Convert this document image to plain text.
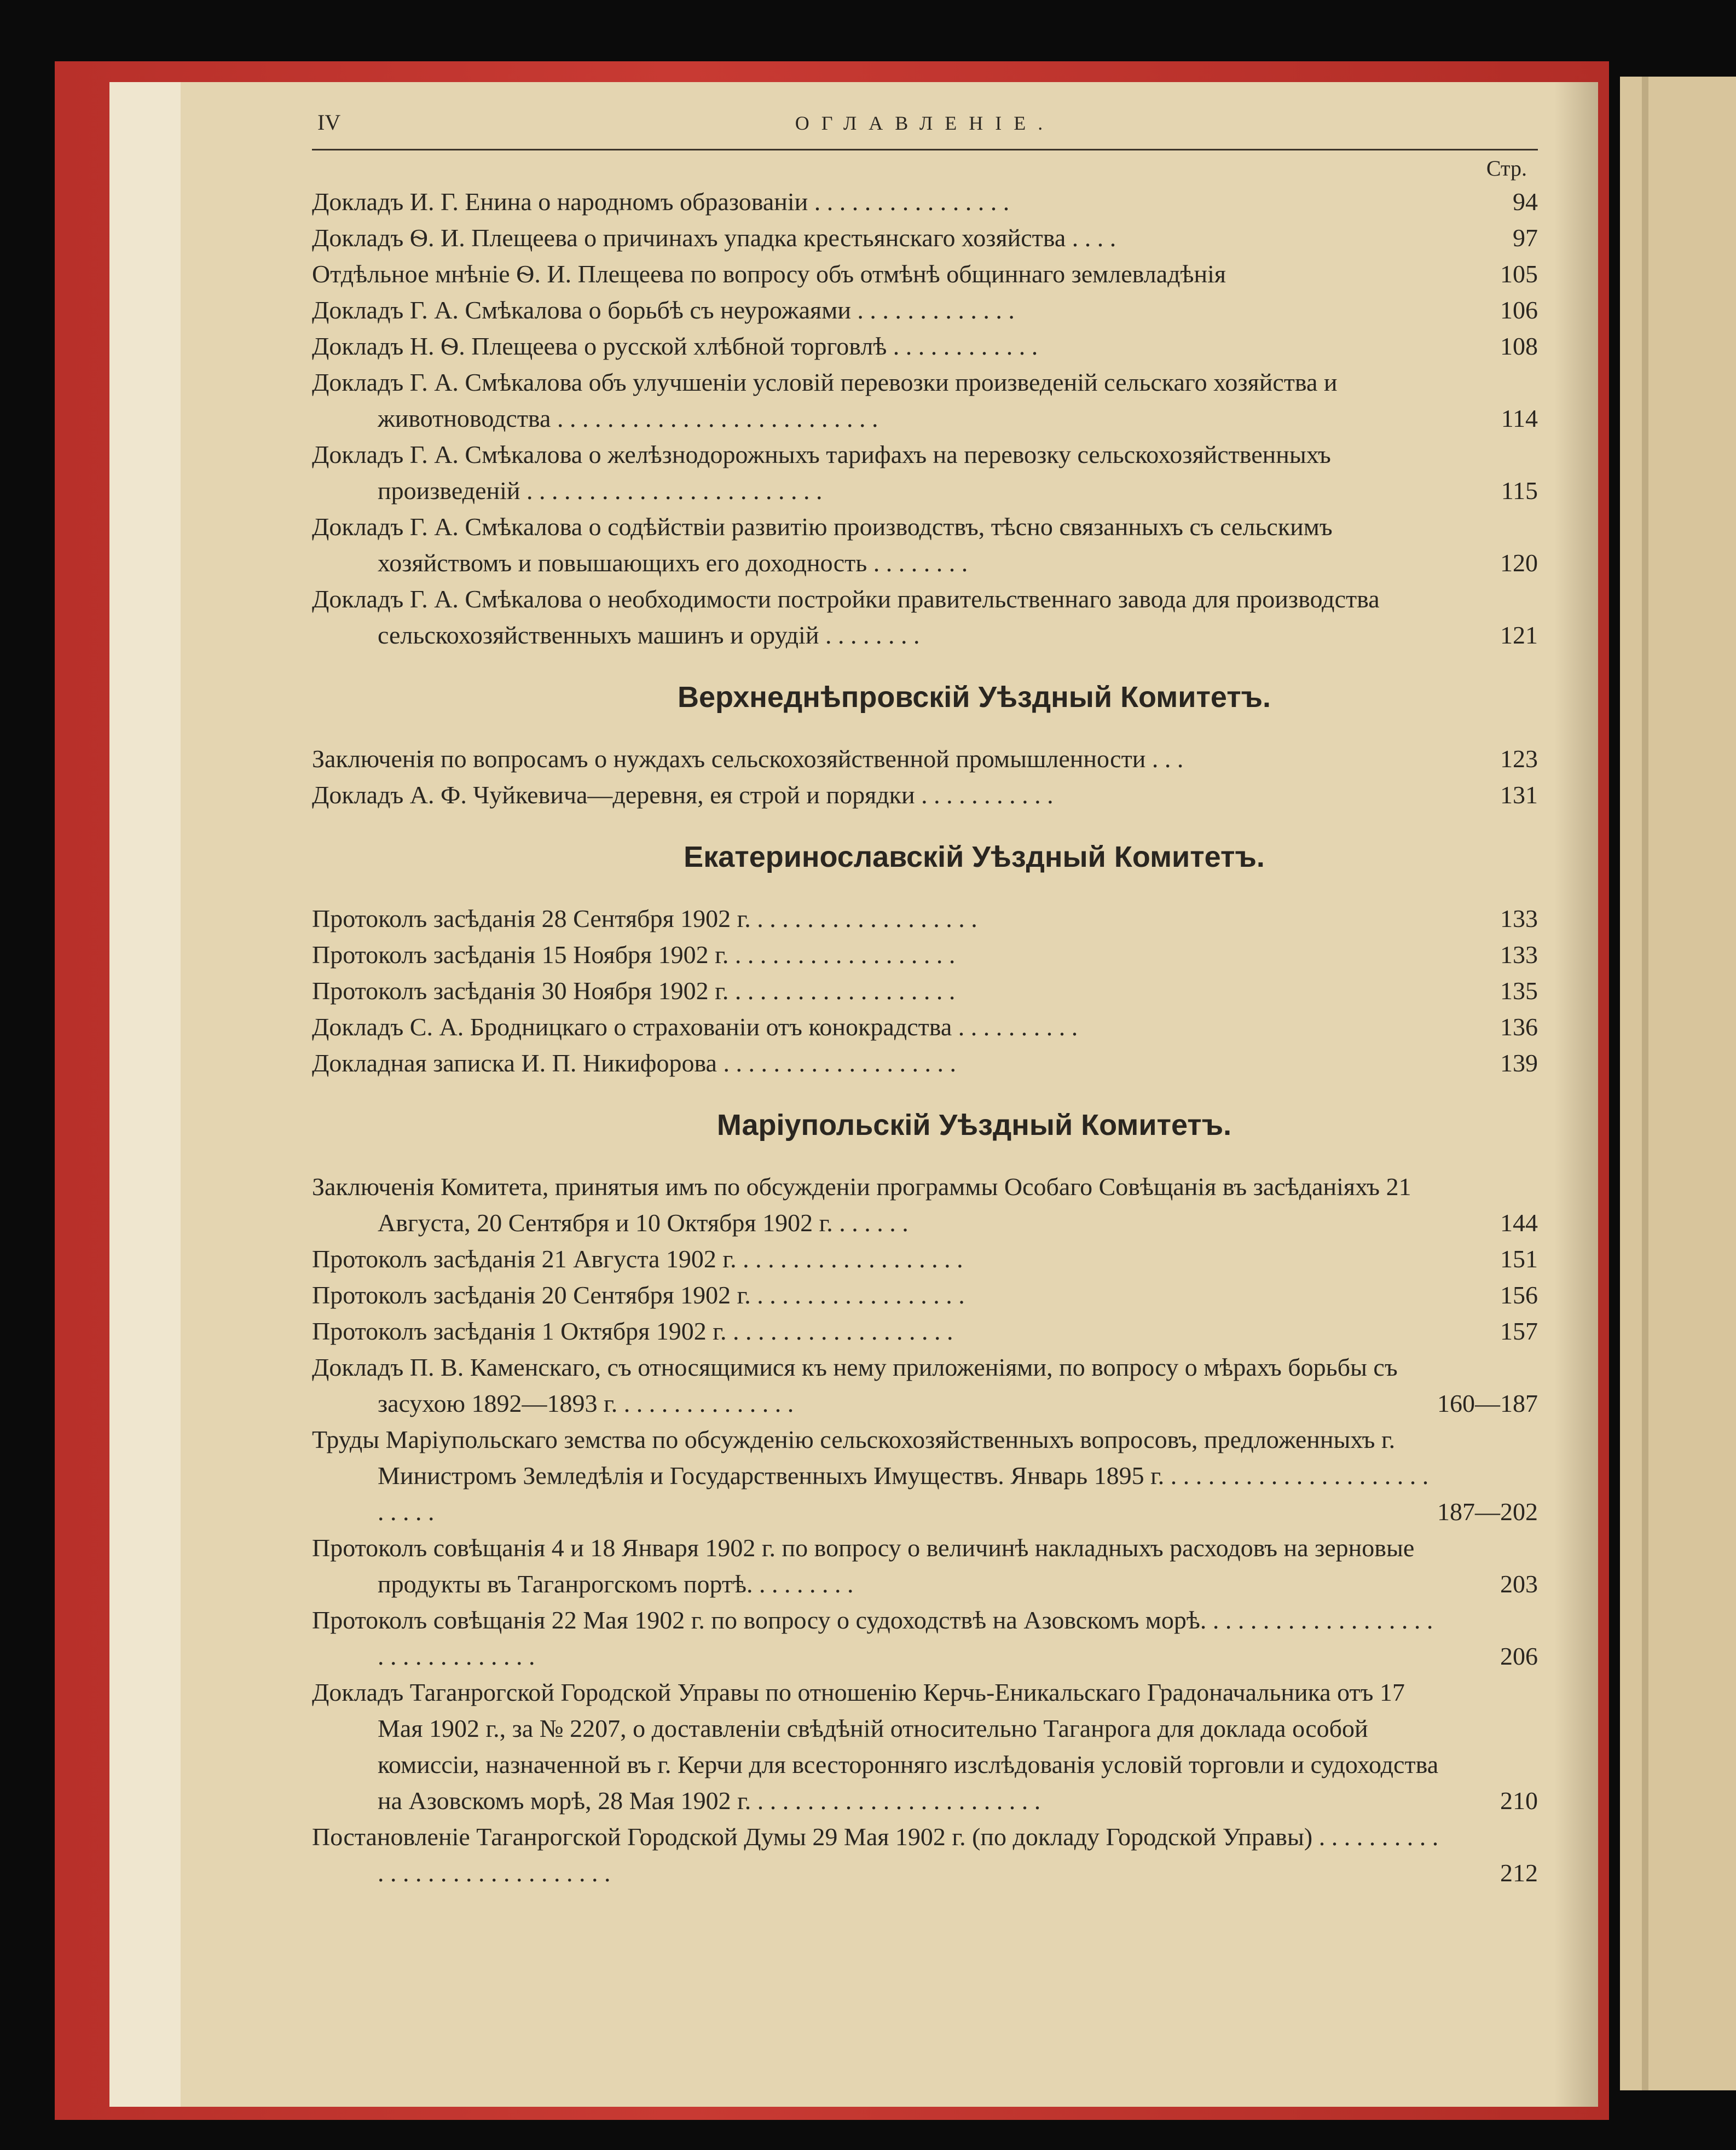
IV	ОГЛАВЛЕНІЕ.
Стр.
Докладъ И. Г. Енина о народномъ образованіи . . . . . . . . . . . . . . . .	94
Докладъ Ѳ. И. Плещеева о причинахъ упадка крестьянскаго хозяйства . . . .	97
Отдѣльное мнѣніе Ѳ. И. Плещеева по вопросу объ отмѣнѣ общиннаго землевладѣнія	105
Докладъ Г. А. Смѣкалова о борьбѣ съ неурожаями . . . . . . . . . . . . .	106
Докладъ Н. Ѳ. Плещеева о русской хлѣбной торговлѣ . . . . . . . . . . . .	108
Докладъ Г. А. Смѣкалова объ улучшеніи условій перевозки произведеній сельскаго хозяйства и животноводства . . . . . . . . . . . . . . . . . . . . . . . . . .	114
Докладъ Г. А. Смѣкалова о желѣзнодорожныхъ тарифахъ на перевозку сельскохозяйственныхъ произведеній . . . . . . . . . . . . . . . . . . . . . . . .	115
Докладъ Г. А. Смѣкалова о содѣйствіи развитію производствъ, тѣсно связанныхъ съ сельскимъ хозяйствомъ и повышающихъ его доходность . . . . . . . .	120
Докладъ Г. А. Смѣкалова о необходимости постройки правительственнаго завода для производства сельскохозяйственныхъ машинъ и орудій . . . . . . . .	121
Верхнеднѣпровскій Уѣздный Комитетъ.
Заключенія по вопросамъ о нуждахъ сельскохозяйственной промышленности . . .	123
Докладъ А. Ф. Чуйкевича—деревня, ея строй и порядки . . . . . . . . . . .	131
Екатеринославскій Уѣздный Комитетъ.
Протоколъ засѣданія 28 Сентября 1902 г. . . . . . . . . . . . . . . . . . .	133
Протоколъ засѣданія 15 Ноября 1902 г. . . . . . . . . . . . . . . . . . .	133
Протоколъ засѣданія 30 Ноября 1902 г. . . . . . . . . . . . . . . . . . .	135
Докладъ С. А. Бродницкаго о страхованіи отъ конокрадства . . . . . . . . . .	136
Докладная записка И. П. Никифорова . . . . . . . . . . . . . . . . . . .	139
Маріупольскій Уѣздный Комитетъ.
Заключенія Комитета, принятыя имъ по обсужденіи программы Особаго Совѣщанія въ засѣданіяхъ 21 Августа, 20 Сентября и 10 Октября 1902 г. . . . . . .	144
Протоколъ засѣданія 21 Августа 1902 г. . . . . . . . . . . . . . . . . . .	151
Протоколъ засѣданія 20 Сентября 1902 г. . . . . . . . . . . . . . . . . .	156
Протоколъ засѣданія 1 Октября 1902 г. . . . . . . . . . . . . . . . . . .	157
Докладъ П. В. Каменскаго, съ относящимися къ нему приложеніями, по вопросу о мѣрахъ борьбы съ засухою 1892—1893 г. . . . . . . . . . . . . . .	160—187
Труды Маріупольскаго земства по обсужденію сельскохозяйственныхъ вопросовъ, предложенныхъ г. Министромъ Земледѣлія и Государственныхъ Имуществъ. Январь 1895 г. . . . . . . . . . . . . . . . . . . . . . . . . . .	187—202
Протоколъ совѣщанія 4 и 18 Января 1902 г. по вопросу о величинѣ накладныхъ расходовъ на зерновые продукты въ Таганрогскомъ портѣ. . . . . . . . .	203
Протоколъ совѣщанія 22 Мая 1902 г. по вопросу о судоходствѣ на Азовскомъ морѣ. . . . . . . . . . . . . . . . . . . . . . . . . . . . . . . .	206
Докладъ Таганрогской Городской Управы по отношенію Керчь-Еникальскаго Градоначальника отъ 17 Мая 1902 г., за № 2207, о доставленіи свѣдѣній относительно Таганрога для доклада особой комиссіи, назначенной въ г. Керчи для всесторонняго изслѣдованія условій торговли и судоходства на Азовскомъ морѣ, 28 Мая 1902 г. . . . . . . . . . . . . . . . . . . . . . . .	210
Постановленіе Таганрогской Городской Думы 29 Мая 1902 г. (по докладу Городской Управы) . . . . . . . . . . . . . . . . . . . . . . . . . . . . .	212
